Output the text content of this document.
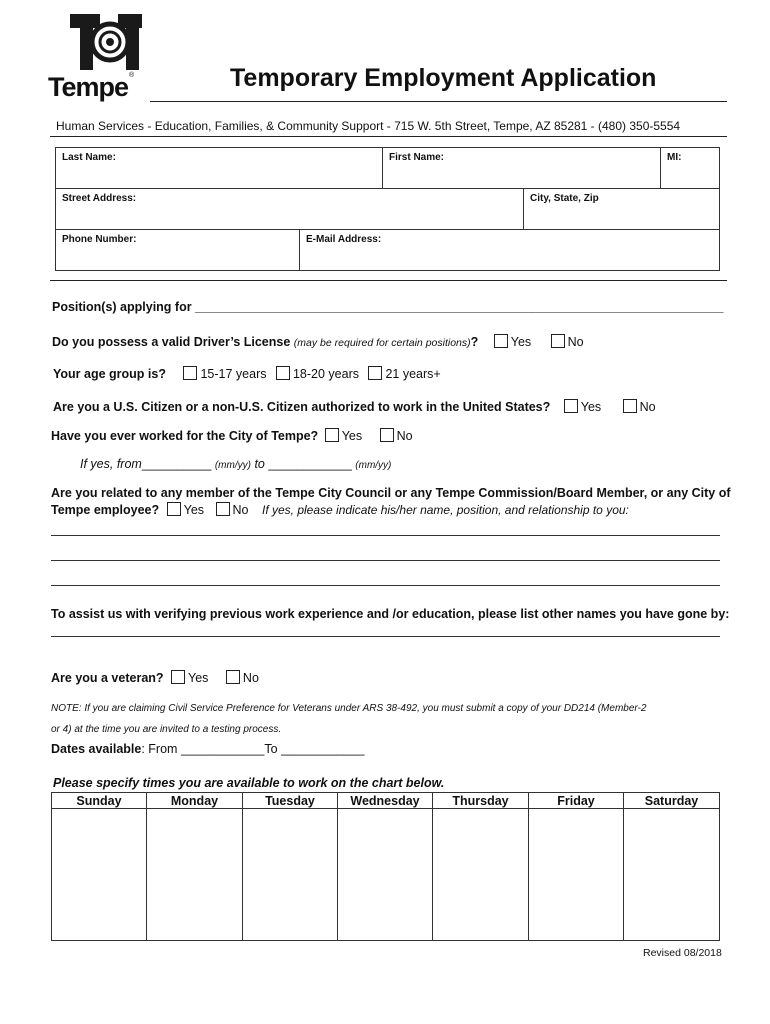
Tempe®	Temporary Employment Application
Human Services - Education, Families, & Community Support - 715 W. 5th Street, Tempe, AZ 85281 - (480) 350-5554
Last Name:	First Name:	MI:
Street Address:	City, State, Zip
Phone Number:	E-Mail Address:
Position(s) applying for ____________________________________________________________________________
Do you possess a valid Driver’s License (may be required for certain positions)?	Yes	No
Your age group is?	15-17 years 18-20 years 21 years+
Are you a U.S. Citizen or a non-U.S. Citizen authorized to work in the United States? Yes	No
Have you ever worked for the City of Tempe? Yes	No
If yes, from__________ (mm/yy) to ____________ (mm/yy)
Are you related to any member of the Tempe City Council or any Tempe Commission/Board Member, or any City of
Tempe employee? Yes No If yes, please indicate his/her name, position, and relationship to you:
To assist us with verifying previous work experience and /or education, please list other names you have gone by:
Are you a veteran? Yes	No
NOTE: If you are claiming Civil Service Preference for Veterans under ARS 38-492, you must submit a copy of your DD214 (Member-2
or 4) at the time you are invited to a testing process.
Dates available: From ____________To ____________
Please specify times you are available to work on the chart below.
Sunday	Monday	Tuesday	Wednesday	Thursday	Friday	Saturday
Revised 08/2018
